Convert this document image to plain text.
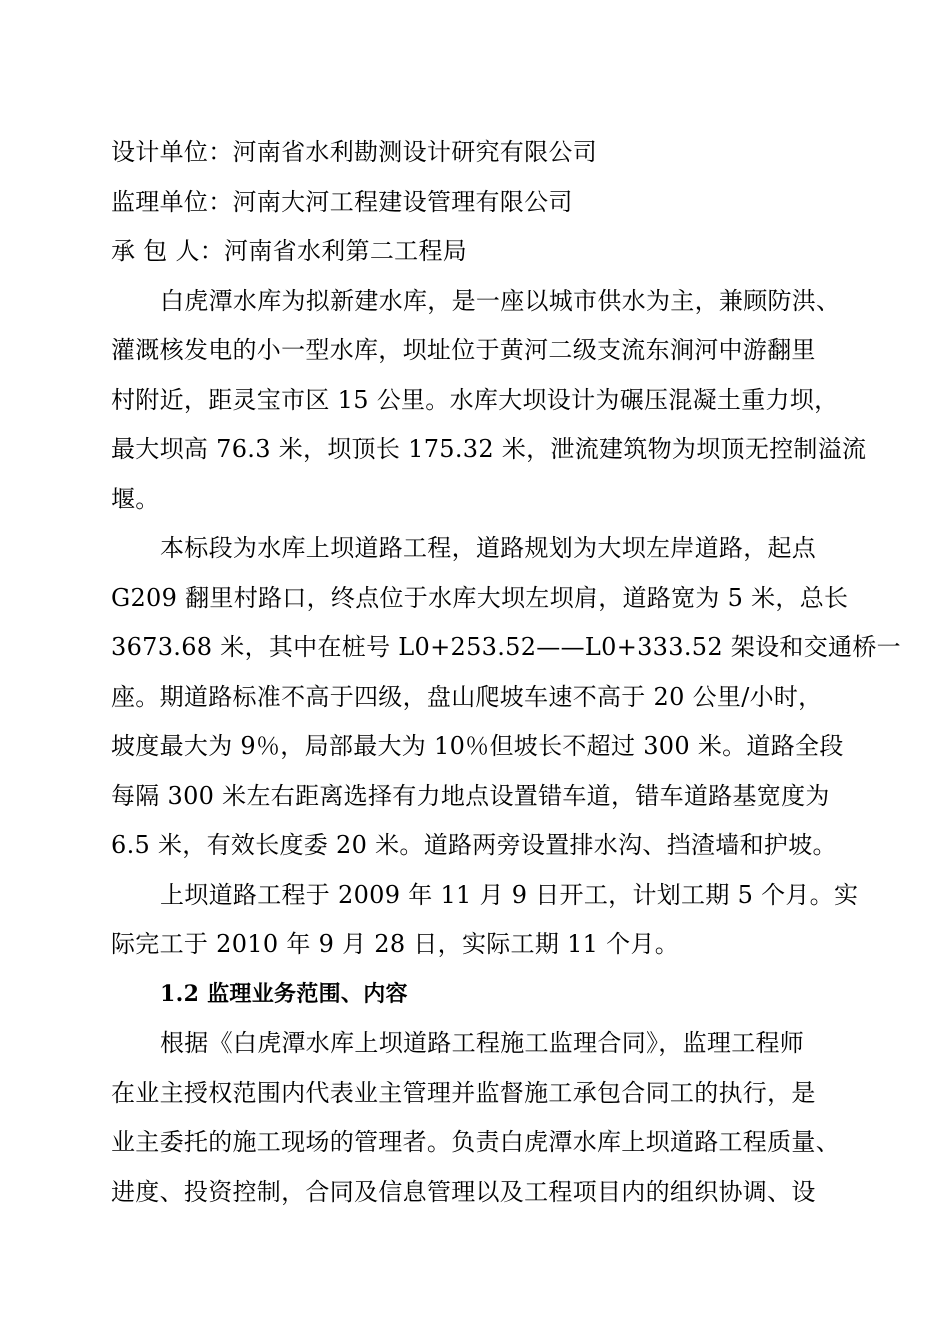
设计单位：河南省水利勘测设计研究有限公司
监理单位：河南大河工程建设管理有限公司
承 包 人：河南省水利第二工程局
白虎潭水库为拟新建水库，是一座以城市供水为主，兼顾防洪、
灌溉核发电的小一型水库，坝址位于黄河二级支流东涧河中游翻里
村附近，距灵宝市区 15 公里。水库大坝设计为碾压混凝土重力坝，
最大坝高 76.3 米，坝顶长 175.32 米，泄流建筑物为坝顶无控制溢流
堰。
本标段为水库上坝道路工程，道路规划为大坝左岸道路，起点
G209 翻里村路口，终点位于水库大坝左坝肩，道路宽为 5 米，总长
3673.68 米，其中在桩号 L0+253.52——L0+333.52 架设和交通桥一
座。期道路标准不高于四级，盘山爬坡车速不高于 20 公里/小时，
坡度最大为 9％，局部最大为 10％但坡长不超过 300 米。道路全段
每隔 300 米左右距离选择有力地点设置错车道，错车道路基宽度为
6.5 米，有效长度委 20 米。道路两旁设置排水沟、挡渣墙和护坡。
上坝道路工程于 2009 年 11 月 9 日开工，计划工期 5 个月。实
际完工于 2010 年 9 月 28 日，实际工期 11 个月。
1.2 监理业务范围、内容
根据《白虎潭水库上坝道路工程施工监理合同》，监理工程师
在业主授权范围内代表业主管理并监督施工承包合同工的执行，是
业主委托的施工现场的管理者。负责白虎潭水库上坝道路工程质量、
进度、投资控制，合同及信息管理以及工程项目内的组织协调、设
